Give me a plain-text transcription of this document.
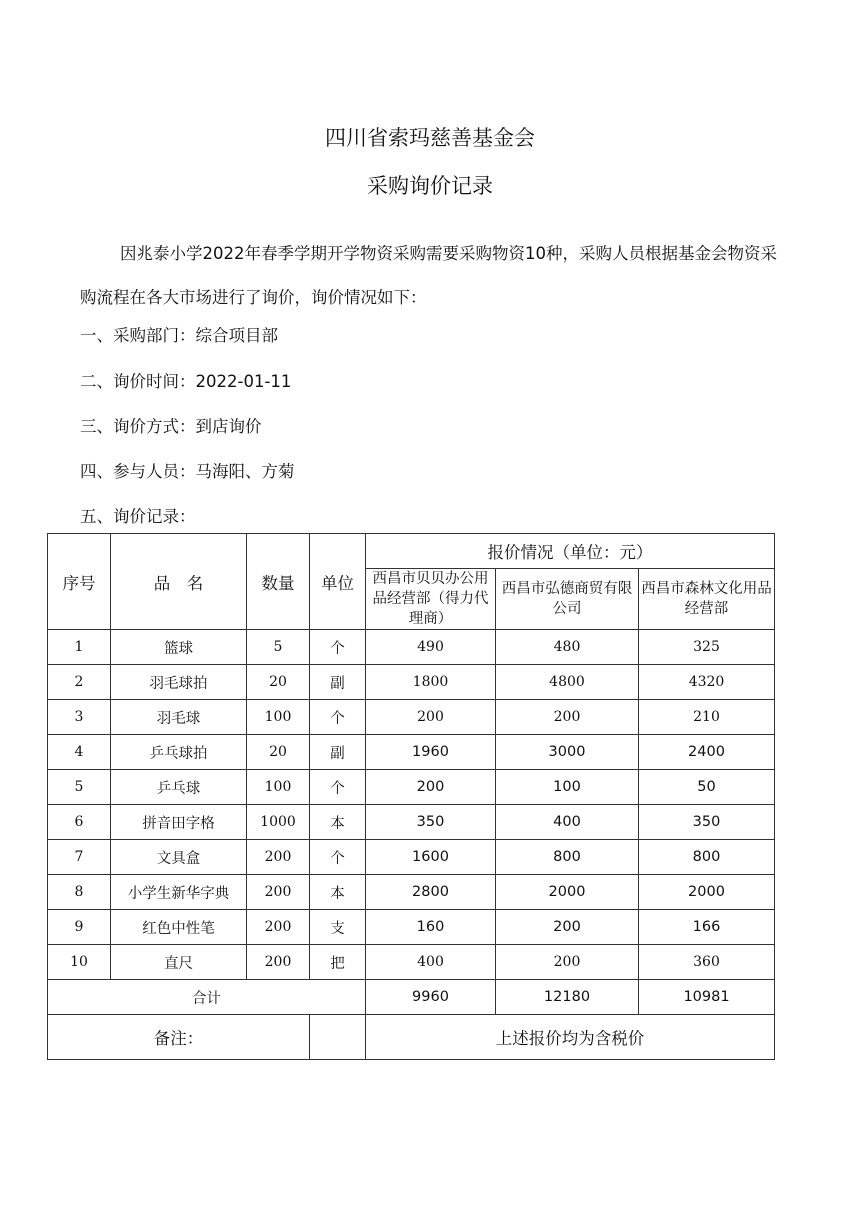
四川省索玛慈善基金会
采购询价记录
因兆泰小学2022年春季学期开学物资采购需要采购物资10种，采购人员根据基金会物资采购流程在各大市场进行了询价，询价情况如下：
一、采购部门：综合项目部
二、询价时间：2022-01-11
三、询价方式：到店询价
四、参与人员：马海阳、方菊
五、询价记录：
序号	品　名	数量	单位	报价情况（单位：元）		
				西昌市贝贝办公用品经营部（得力代理商）	西昌市弘德商贸有限公司	西昌市森林文化用品经营部
1	篮球	5	个	490	480	325
2	羽毛球拍	20	副	1800	4800	4320
3	羽毛球	100	个	200	200	210
4	乒乓球拍	20	副	1960	3000	2400
5	乒乓球	100	个	200	100	50
6	拼音田字格	1000	本	350	400	350
7	文具盒	200	个	1600	800	800
8	小学生新华字典	200	本	2800	2000	2000
9	红色中性笔	200	支	160	200	166
10	直尺	200	把	400	200	360
合计				9960	12180	10981
备注：				上述报价均为含税价		
